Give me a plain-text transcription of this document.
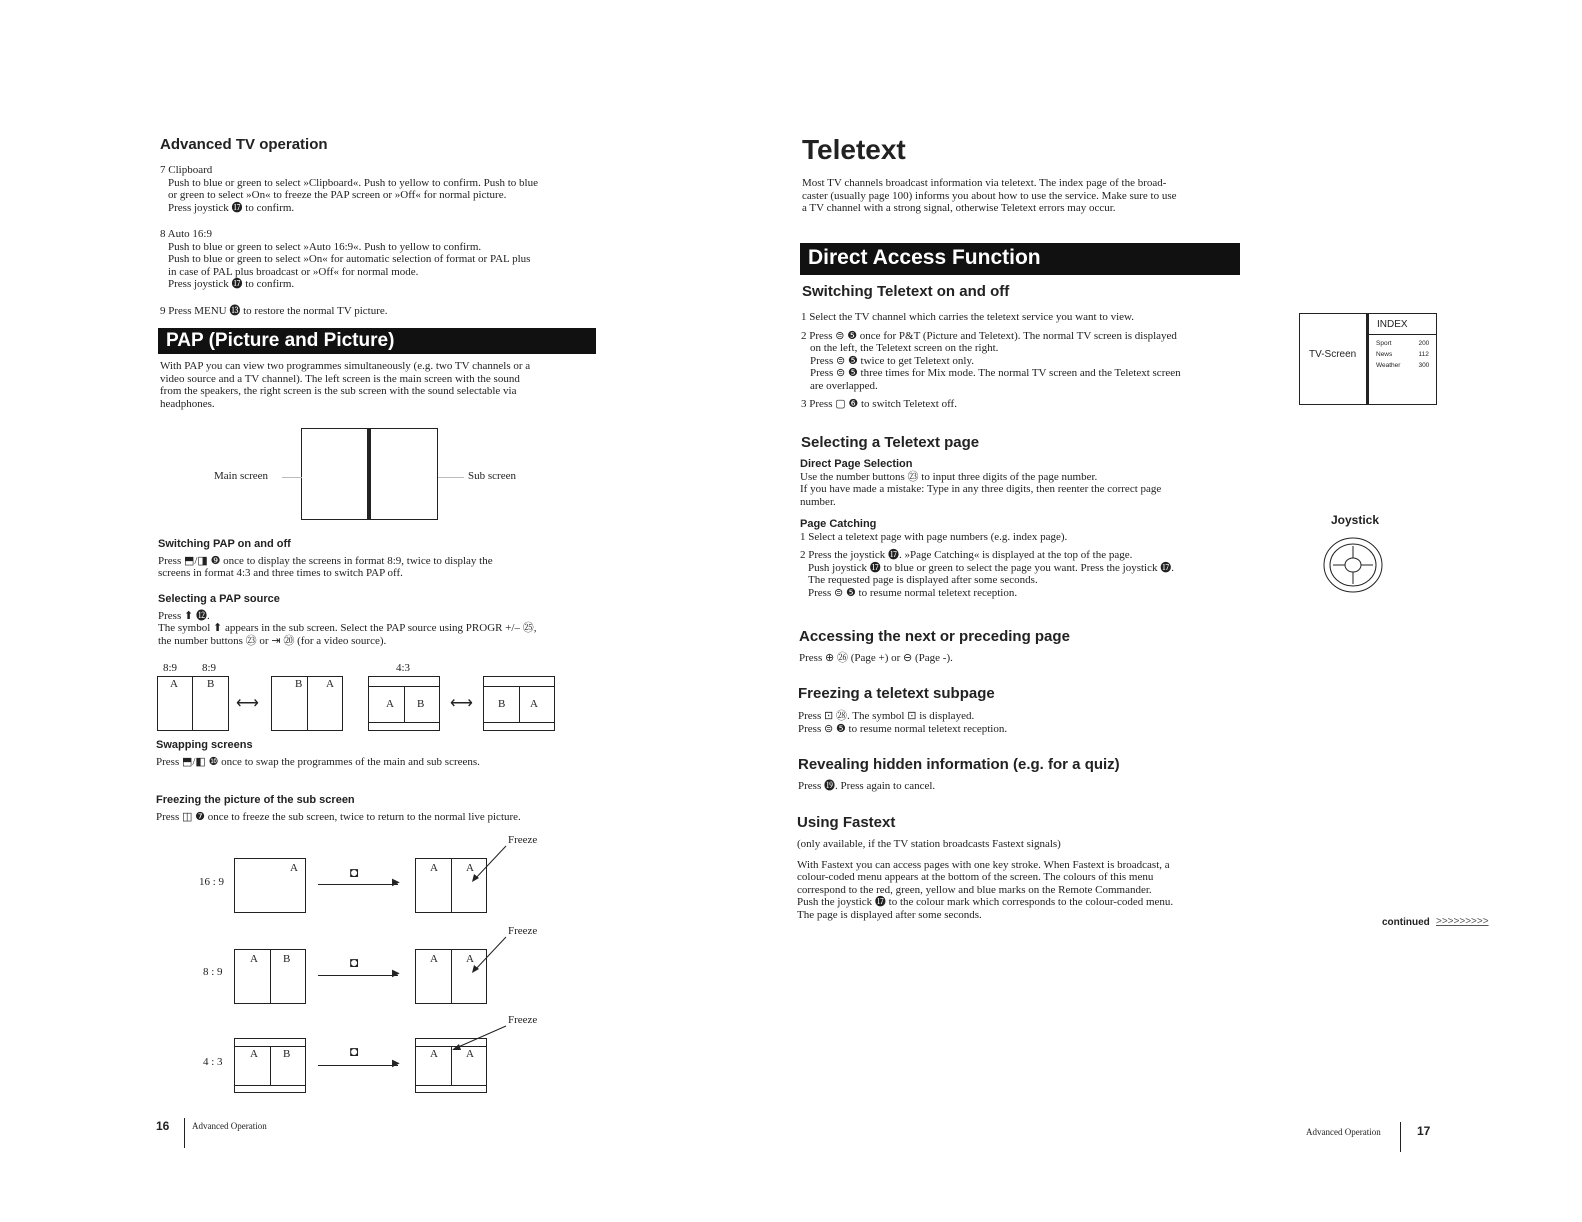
Advanced TV operation
7 Clipboard
Push to blue or green to select »Clipboard«. Push to yellow to confirm. Push to blue
or green to select »On« to freeze the PAP screen or »Off« for normal picture.
Press joystick ⓱ to confirm.
8 Auto 16:9
Push to blue or green to select »Auto 16:9«. Push to yellow to confirm.
Push to blue or green to select »On« for automatic selection of format or PAL plus
in case of PAL plus broadcast or »Off« for normal mode.
Press joystick ⓱ to confirm.
9 Press MENU ⓭ to restore the normal TV picture.
PAP (Picture and Picture)
With PAP you can view two programmes simultaneously (e.g. two TV channels or a
video source and a TV channel). The left screen is the main screen with the sound
from the speakers, the right screen is the sub screen with the sound selectable via
headphones.
Main screen	Sub screen
Switching PAP on and off
Press ⬒/◨ ❾ once to display the screens in format 8:9, twice to display the
screens in format 4:3 and three times to switch PAP off.
Selecting a PAP source
Press ⬆ ⓬.
The symbol ⬆ appears in the sub screen. Select the PAP source using PROGR +/– ㉕,
the number buttons ㉓ or ⇥ ⑳ (for a video source).
8:9 8:9	4:3
A	B
⟷
B A
A B ⟷ B A
Swapping screens
Press ⬒/◧ ❿ once to swap the programmes of the main and sub screens.
Freezing the picture of the sub screen
Press ◫ ❼ once to freeze the sub screen, twice to return to the normal live picture.
16 : 9
A	◘
▶
A	A
Freeze
8 : 9
A B	◘
▶
A	A
Freeze
4 : 3
A B	◘
▶
A	A
Freeze
16	Advanced Operation
Teletext
Most TV channels broadcast information via teletext. The index page of the broad-
caster (usually page 100) informs you about how to use the service. Make sure to use
a TV channel with a strong signal, otherwise Teletext errors may occur.
Direct Access Function
Switching Teletext on and off
1 Select the TV channel which carries the teletext service you want to view.
2 Press ⊜ ❺ once for P&T (Picture and Teletext). The normal TV screen is displayed
on the left, the Teletext screen on the right.
Press ⊜ ❺ twice to get Teletext only.
Press ⊜ ❺ three times for Mix mode. The normal TV screen and the Teletext screen
are overlapped.
3 Press ▢ ❻ to switch Teletext off.
TV-Screen
INDEX
Sport	200
News	112
Weather	300
Selecting a Teletext page
Direct Page Selection
Use the number buttons ㉓ to input three digits of the page number.
If you have made a mistake: Type in any three digits, then reenter the correct page
number.
Page Catching
1 Select a teletext page with page numbers (e.g. index page).
2 Press the joystick ⓱. »Page Catching« is displayed at the top of the page.
Push joystick ⓱ to blue or green to select the page you want. Press the joystick ⓱.
The requested page is displayed after some seconds.
Press ⊜ ❺ to resume normal teletext reception.
Joystick
Accessing the next or preceding page
Press ⊕ ㉖ (Page +) or ⊖ (Page -).
Freezing a teletext subpage
Press ⊡ ㉘. The symbol ⊡ is displayed.
Press ⊜ ❺ to resume normal teletext reception.
Revealing hidden information (e.g. for a quiz)
Press ⓳. Press again to cancel.
Using Fastext
(only available, if the TV station broadcasts Fastext signals)
With Fastext you can access pages with one key stroke. When Fastext is broadcast, a
colour-coded menu appears at the bottom of the screen. The colours of this menu
correspond to the red, green, yellow and blue marks on the Remote Commander.
Push the joystick ⓱ to the colour mark which corresponds to the colour-coded menu.
The page is displayed after some seconds.
continued >>>>>>>>>
Advanced Operation	17
